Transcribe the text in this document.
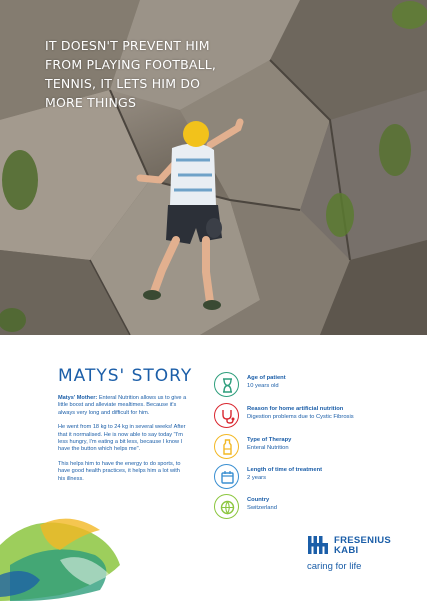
IT DOESN'T PREVENT HIM
FROM PLAYING FOOTBALL,
TENNIS, IT LETS HIM DO
MORE THINGS
MATYS' STORY

Matys' Mother: Enteral Nutrition allows us to give a little boost and alleviate mealtimes. Because it's always very long and difficult for him.

He went from 18 kg to 24 kg in several weeks! After that it normalised. He is now able to say today "I'm less hungry, I'm eating a bit less, because I know I have the button which helps me".

This helps him to have the energy to do sports, to have good health practices, it helps him a lot with his illness.

Age of patient
10 years old
Reason for home artificial nutrition
Digestion problems due to Cystic Fibrosis
Type of Therapy
Enteral Nutrition
Length of time of treatment
2 years
Country
Switzerland
FRESENIUS
KABI
caring for life
